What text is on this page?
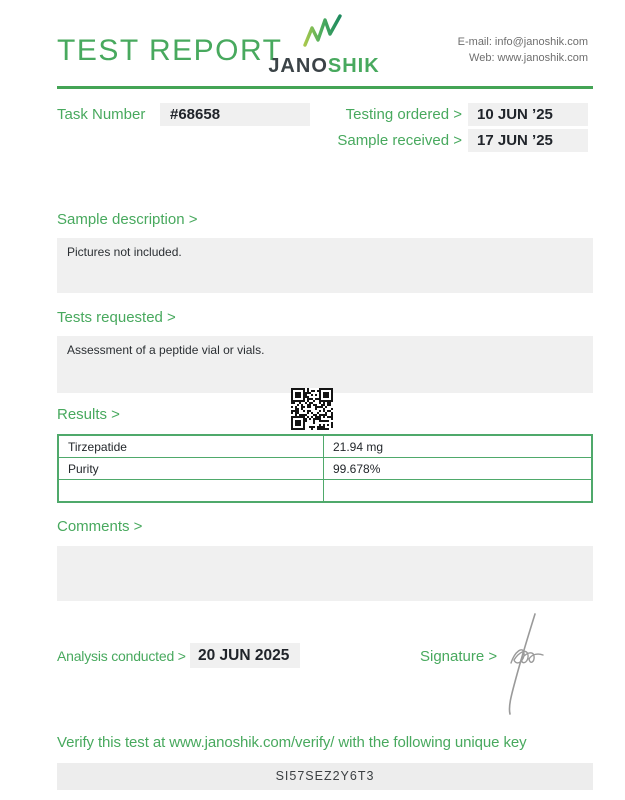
TEST REPORT
JANOSHIK
E-mail: info@janoshik.com
Web: www.janoshik.com
Task Number	#68658	Testing ordered >	10 JUN ’25
Sample received >	17 JUN ’25
Sample description >
Pictures not included.
Tests requested >
Assessment of a peptide vial or vials.
Results >
Tirzepatide	21.94 mg
Purity	99.678%

Comments >
Analysis conducted > 20 JUN 2025	Signature >
Verify this test at www.janoshik.com/verify/ with the following unique key
SI57SEZ2Y6T3
